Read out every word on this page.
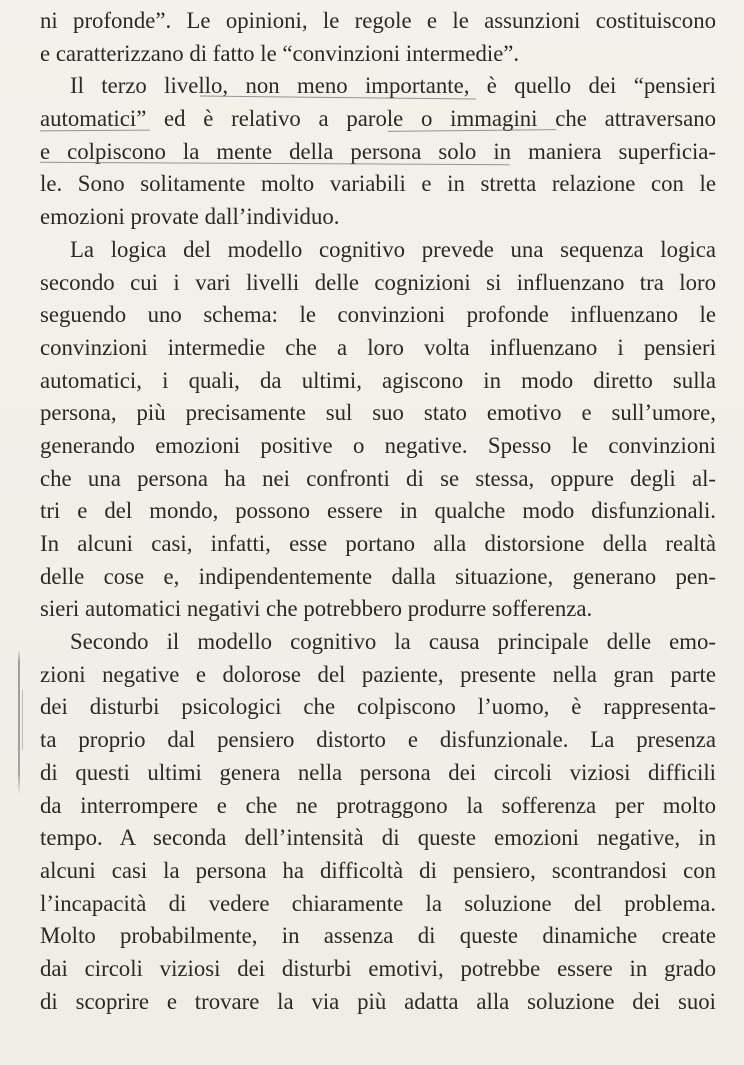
ni profonde”. Le opinioni, le regole e le assunzioni costituiscono
e caratterizzano di fatto le “convinzioni intermedie”.
Il terzo livello, non meno importante, è quello dei “pensieri
automatici” ed è relativo a parole o immagini che attraversano
e colpiscono la mente della persona solo in maniera superficia-
le. Sono solitamente molto variabili e in stretta relazione con le
emozioni provate dall’individuo.
La logica del modello cognitivo prevede una sequenza logica
secondo cui i vari livelli delle cognizioni si influenzano tra loro
seguendo uno schema: le convinzioni profonde influenzano le
convinzioni intermedie che a loro volta influenzano i pensieri
automatici, i quali, da ultimi, agiscono in modo diretto sulla
persona, più precisamente sul suo stato emotivo e sull’umore,
generando emozioni positive o negative. Spesso le convinzioni
che una persona ha nei confronti di se stessa, oppure degli al-
tri e del mondo, possono essere in qualche modo disfunzionali.
In alcuni casi, infatti, esse portano alla distorsione della realtà
delle cose e, indipendentemente dalla situazione, generano pen-
sieri automatici negativi che potrebbero produrre sofferenza.
Secondo il modello cognitivo la causa principale delle emo-
zioni negative e dolorose del paziente, presente nella gran parte
dei disturbi psicologici che colpiscono l’uomo, è rappresenta-
ta proprio dal pensiero distorto e disfunzionale. La presenza
di questi ultimi genera nella persona dei circoli viziosi difficili
da interrompere e che ne protraggono la sofferenza per molto
tempo. A seconda dell’intensità di queste emozioni negative, in
alcuni casi la persona ha difficoltà di pensiero, scontrandosi con
l’incapacità di vedere chiaramente la soluzione del problema.
Molto probabilmente, in assenza di queste dinamiche create
dai circoli viziosi dei disturbi emotivi, potrebbe essere in grado
di scoprire e trovare la via più adatta alla soluzione dei suoi
